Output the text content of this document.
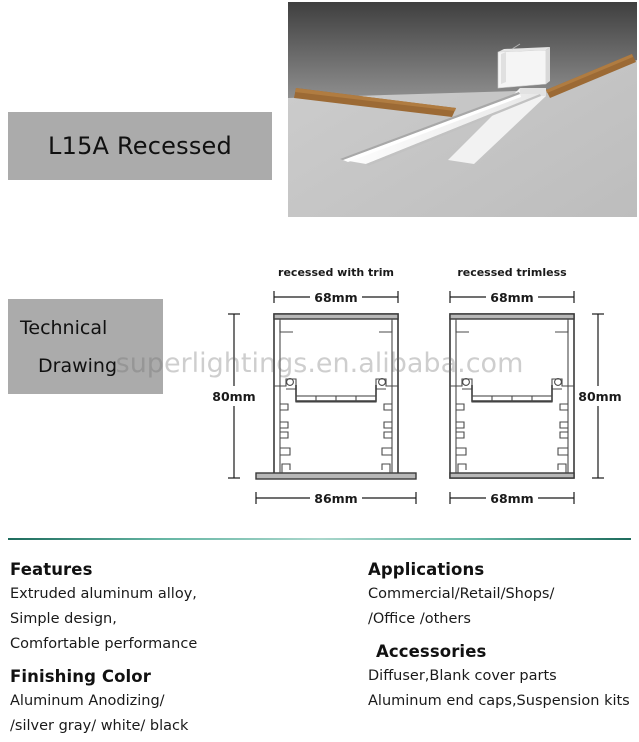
L15A Recessed
Technical
Drawing
recessed with trim
68mm
80mm
86mm
recessed trimless
68mm
80mm
68mm
superlightings.en.alibaba.com
Features

Extruded aluminum alloy,

Simple design,

Comfortable performance

Finishing Color

Aluminum Anodizing/

/silver gray/ white/ black

Applications

Commercial/Retail/Shops/

/Office /others

Accessories

Diffuser,Blank cover parts

Aluminum end caps,Suspension kits
